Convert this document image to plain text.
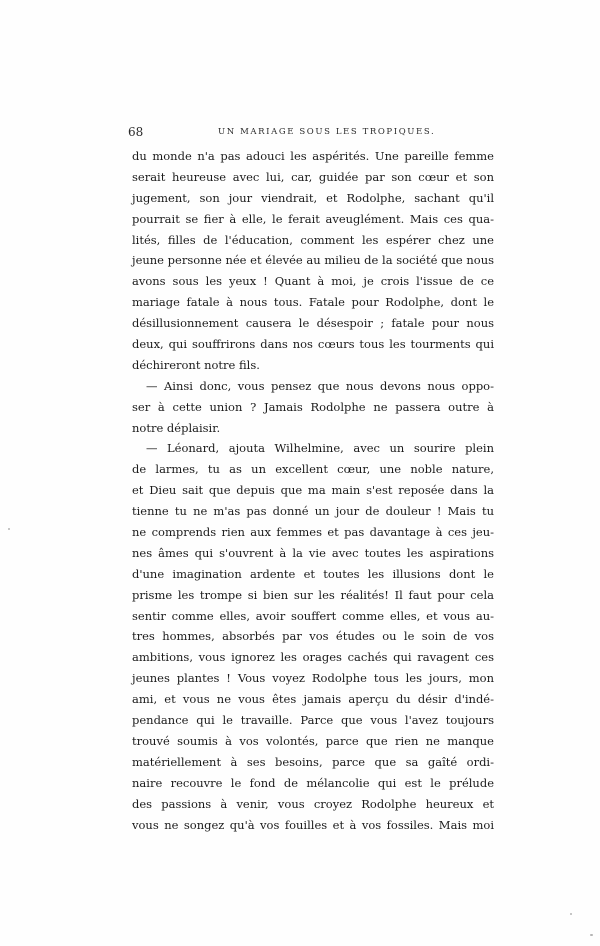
68	UN MARIAGE SOUS LES TROPIQUES.
du monde n'a pas adouci les aspérités. Une pareille femme
serait heureuse avec lui, car, guidée par son cœur et son
jugement, son jour viendrait, et Rodolphe, sachant qu'il
pourrait se fier à elle, le ferait aveuglément. Mais ces qua-
lités, filles de l'éducation, comment les espérer chez une
jeune personne née et élevée au milieu de la société que nous
avons sous les yeux ! Quant à moi, je crois l'issue de ce
mariage fatale à nous tous. Fatale pour Rodolphe, dont le
désillusionnement causera le désespoir ; fatale pour nous
deux, qui souffrirons dans nos cœurs tous les tourments qui
déchireront notre fils.
— Ainsi donc, vous pensez que nous devons nous oppo-
ser à cette union ? Jamais Rodolphe ne passera outre à
notre déplaisir.
— Léonard, ajouta Wilhelmine, avec un sourire plein
de larmes, tu as un excellent cœur, une noble nature,
et Dieu sait que depuis que ma main s'est reposée dans la
tienne tu ne m'as pas donné un jour de douleur ! Mais tu
ne comprends rien aux femmes et pas davantage à ces jeu-
nes âmes qui s'ouvrent à la vie avec toutes les aspirations
d'une imagination ardente et toutes les illusions dont le
prisme les trompe si bien sur les réalités! Il faut pour cela
sentir comme elles, avoir souffert comme elles, et vous au-
tres hommes, absorbés par vos études ou le soin de vos
ambitions, vous ignorez les orages cachés qui ravagent ces
jeunes plantes ! Vous voyez Rodolphe tous les jours, mon
ami, et vous ne vous êtes jamais aperçu du désir d'indé-
pendance qui le travaille. Parce que vous l'avez toujours
trouvé soumis à vos volontés, parce que rien ne manque
matériellement à ses besoins, parce que sa gaîté ordi-
naire recouvre le fond de mélancolie qui est le prélude
des passions à venir, vous croyez Rodolphe heureux et
vous ne songez qu'à vos fouilles et à vos fossiles. Mais moi
